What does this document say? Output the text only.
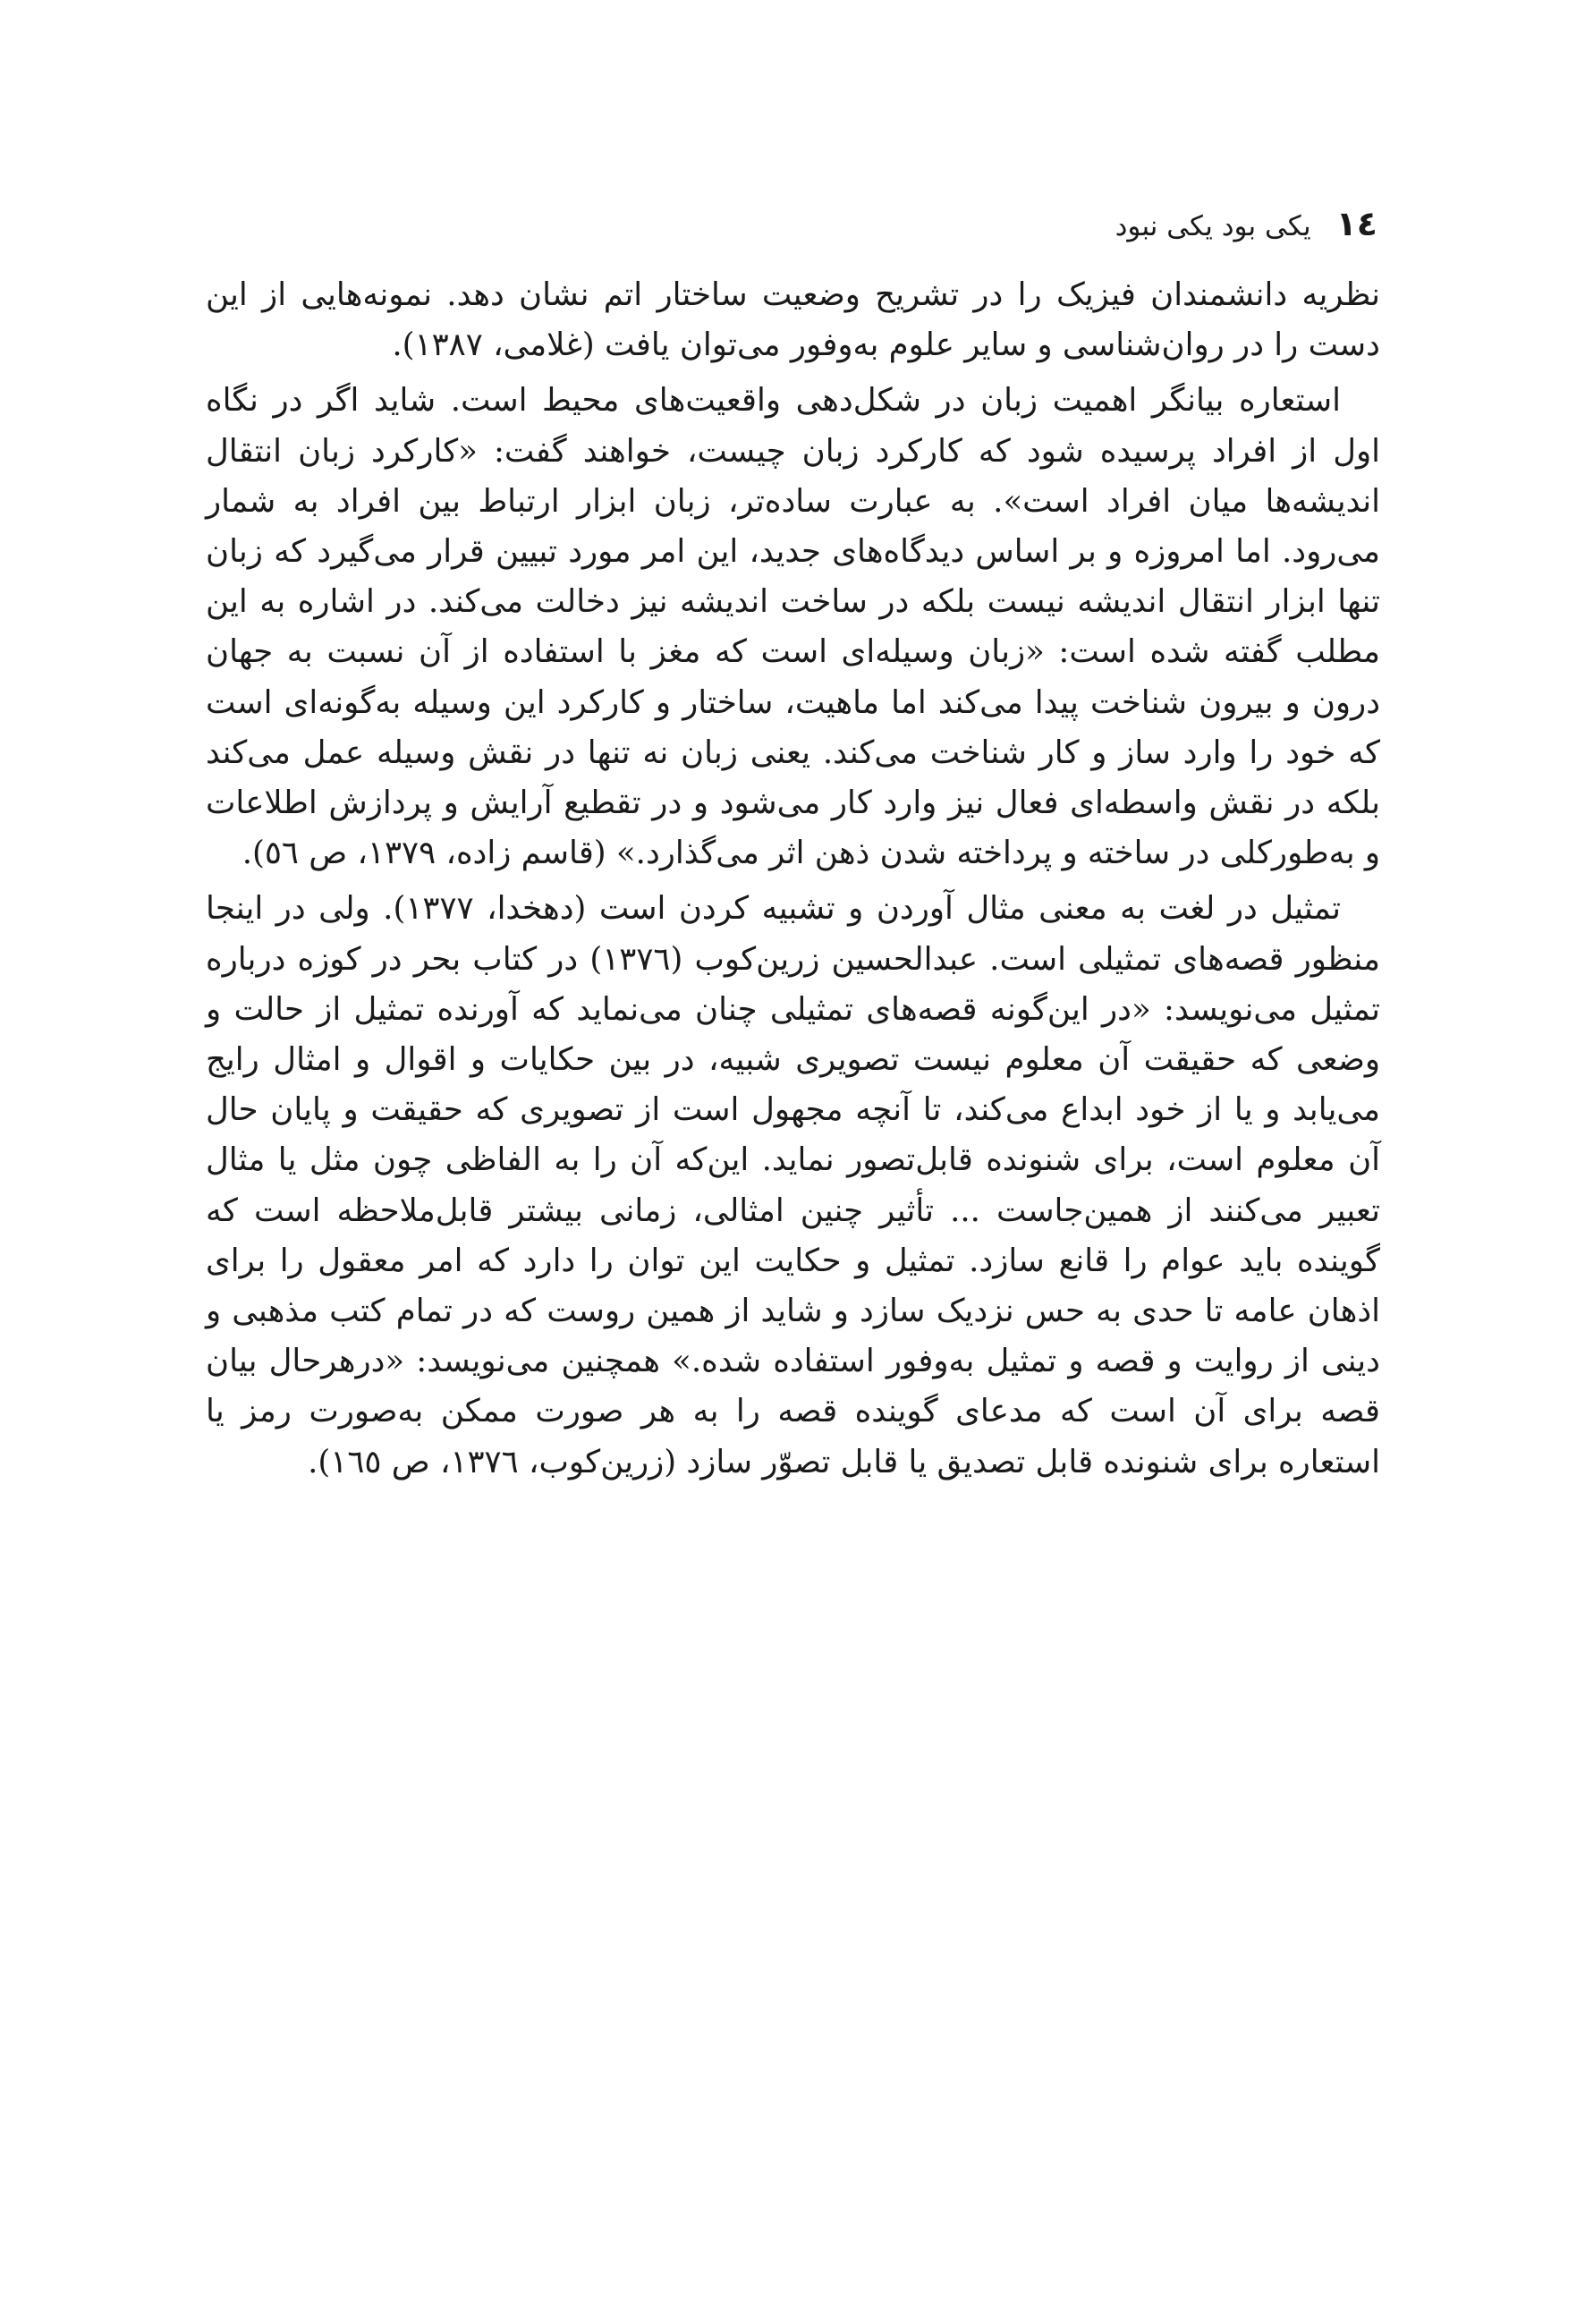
١٤
یکی بود یکی نبود

نظریه دانشمندان فیزیک را در تشریح وضعیت ساختار اتم نشان دهد. نمونه‌هایی از این دست را در روان‌شناسی و سایر علوم به‌وفور می‌توان یافت (غلامی، ۱۳۸۷).

استعاره بیانگر اهمیت زبان در شکل‌دهی واقعیت‌های محیط است. شاید اگر در نگاه اول از افراد پرسیده شود که کارکرد زبان چیست، خواهند گفت: «کارکرد زبان انتقال اندیشه‌ها میان افراد است». به عبارت ساده‌تر، زبان ابزار ارتباط بین افراد به شمار می‌رود. اما امروزه و بر اساس دیدگاه‌های جدید، این امر مورد تبیین قرار می‌گیرد که زبان تنها ابزار انتقال اندیشه نیست بلکه در ساخت اندیشه نیز دخالت می‌کند. در اشاره به این مطلب گفته شده است: «زبان وسیله‌ای است که مغز با استفاده از آن نسبت به جهان درون و بیرون شناخت پیدا می‌کند اما ماهیت، ساختار و کارکرد این وسیله به‌گونه‌ای است که خود را وارد ساز و کار شناخت می‌کند. یعنی زبان نه تنها در نقش وسیله عمل می‌کند بلکه در نقش واسطه‌ای فعال نیز وارد کار می‌شود و در تقطیع آرایش و پردازش اطلاعات و به‌طورکلی در ساخته و پرداخته شدن ذهن اثر می‌گذارد.» (قاسم زاده، ١٣٧٩، ص ٥٦).

تمثیل در لغت به معنی مثال آوردن و تشبیه کردن است (دهخدا، ۱۳۷۷). ولی در اینجا منظور قصه‌های تمثیلی است. عبدالحسین زرین‌کوب (١٣٧٦) در کتاب بحر در کوزه درباره تمثیل می‌نویسد: «در این‌گونه قصه‌های تمثیلی چنان می‌نماید که آورنده تمثیل از حالت و وضعی که حقیقت آن معلوم نیست تصویری شبیه، در بین حکایات و اقوال و امثال رایج می‌یابد و یا از خود ابداع می‌کند، تا آنچه مجهول است از تصویری که حقیقت و پایان حال آن معلوم است، برای شنونده قابل‌تصور نماید. این‌که آن را به الفاظی چون مثل یا مثال تعبیر می‌کنند از همین‌جاست ... تأثیر چنین امثالی، زمانی بیشتر قابل‌ملاحظه است که گوینده باید عوام را قانع سازد. تمثیل و حکایت این توان را دارد که امر معقول را برای اذهان عامه تا حدی به حس نزدیک سازد و شاید از همین روست که در تمام کتب مذهبی و دینی از روایت و قصه و تمثیل به‌وفور استفاده شده.» همچنین می‌نویسد: «درهرحال بیان قصه برای آن است که مدعای گوینده قصه را به هر صورت ممکن به‌صورت رمز یا استعاره برای شنونده قابل تصدیق یا قابل تصوّر سازد (زرین‌کوب، ١٣٧٦، ص ١٦٥).
